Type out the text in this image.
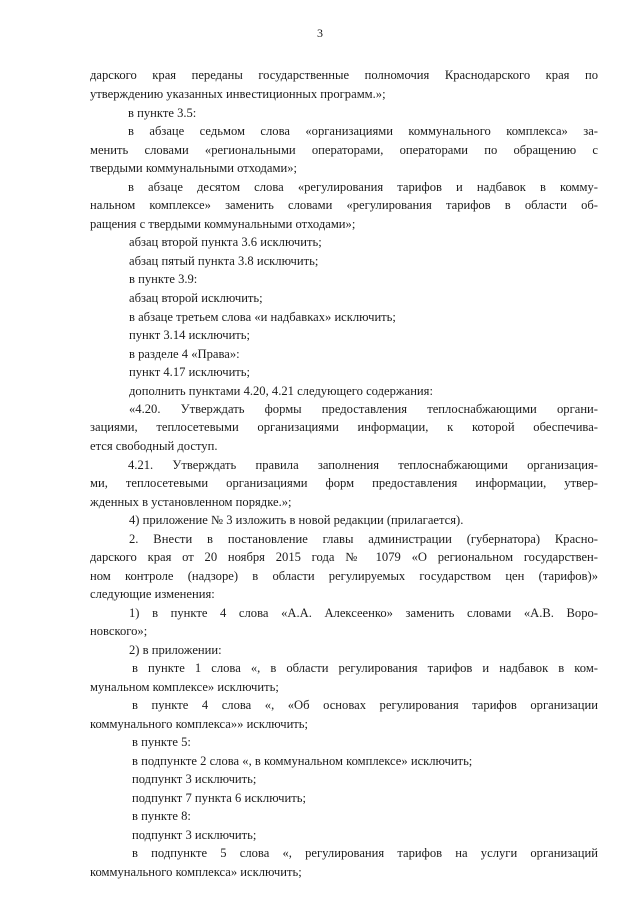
3
дарского края переданы государственные полномочия Краснодарского края по
утверждению указанных инвестиционных программ.»;
в пункте 3.5:
в абзаце седьмом слова «организациями коммунального комплекса» за-
менить словами «региональными операторами, операторами по обращению с
твердыми коммунальными отходами»;
в абзаце десятом слова «регулирования тарифов и надбавок в комму-
нальном комплексе» заменить словами «регулирования тарифов в области об-
ращения с твердыми коммунальными отходами»;
абзац второй пункта 3.6 исключить;
абзац пятый пункта 3.8 исключить;
в пункте 3.9:
абзац второй исключить;
в абзаце третьем слова «и надбавках» исключить;
пункт 3.14 исключить;
в разделе 4 «Права»:
пункт 4.17 исключить;
дополнить пунктами 4.20, 4.21 следующего содержания:
«4.20. Утверждать формы предоставления теплоснабжающими органи-
зациями, теплосетевыми организациями информации, к которой обеспечива-
ется свободный доступ.
4.21. Утверждать правила заполнения теплоснабжающими организация-
ми, теплосетевыми организациями форм предоставления информации, утвер-
жденных в установленном порядке.»;
4) приложение № 3 изложить в новой редакции (прилагается).
2. Внести в постановление главы администрации (губернатора) Красно-
дарского края от 20 ноября 2015 года № 1079 «О региональном государствен-
ном контроле (надзоре) в области регулируемых государством цен (тарифов)»
следующие изменения:
1) в пункте 4 слова «А.А. Алексеенко» заменить словами «А.В. Воро-
новского»;
2) в приложении:
в пункте 1 слова «, в области регулирования тарифов и надбавок в ком-
мунальном комплексе» исключить;
в пункте 4 слова «, «Об основах регулирования тарифов организации
коммунального комплекса»» исключить;
в пункте 5:
в подпункте 2 слова «, в коммунальном комплексе» исключить;
подпункт 3 исключить;
подпункт 7 пункта 6 исключить;
в пункте 8:
подпункт 3 исключить;
в подпункте 5 слова «, регулирования тарифов на услуги организаций
коммунального комплекса» исключить;
